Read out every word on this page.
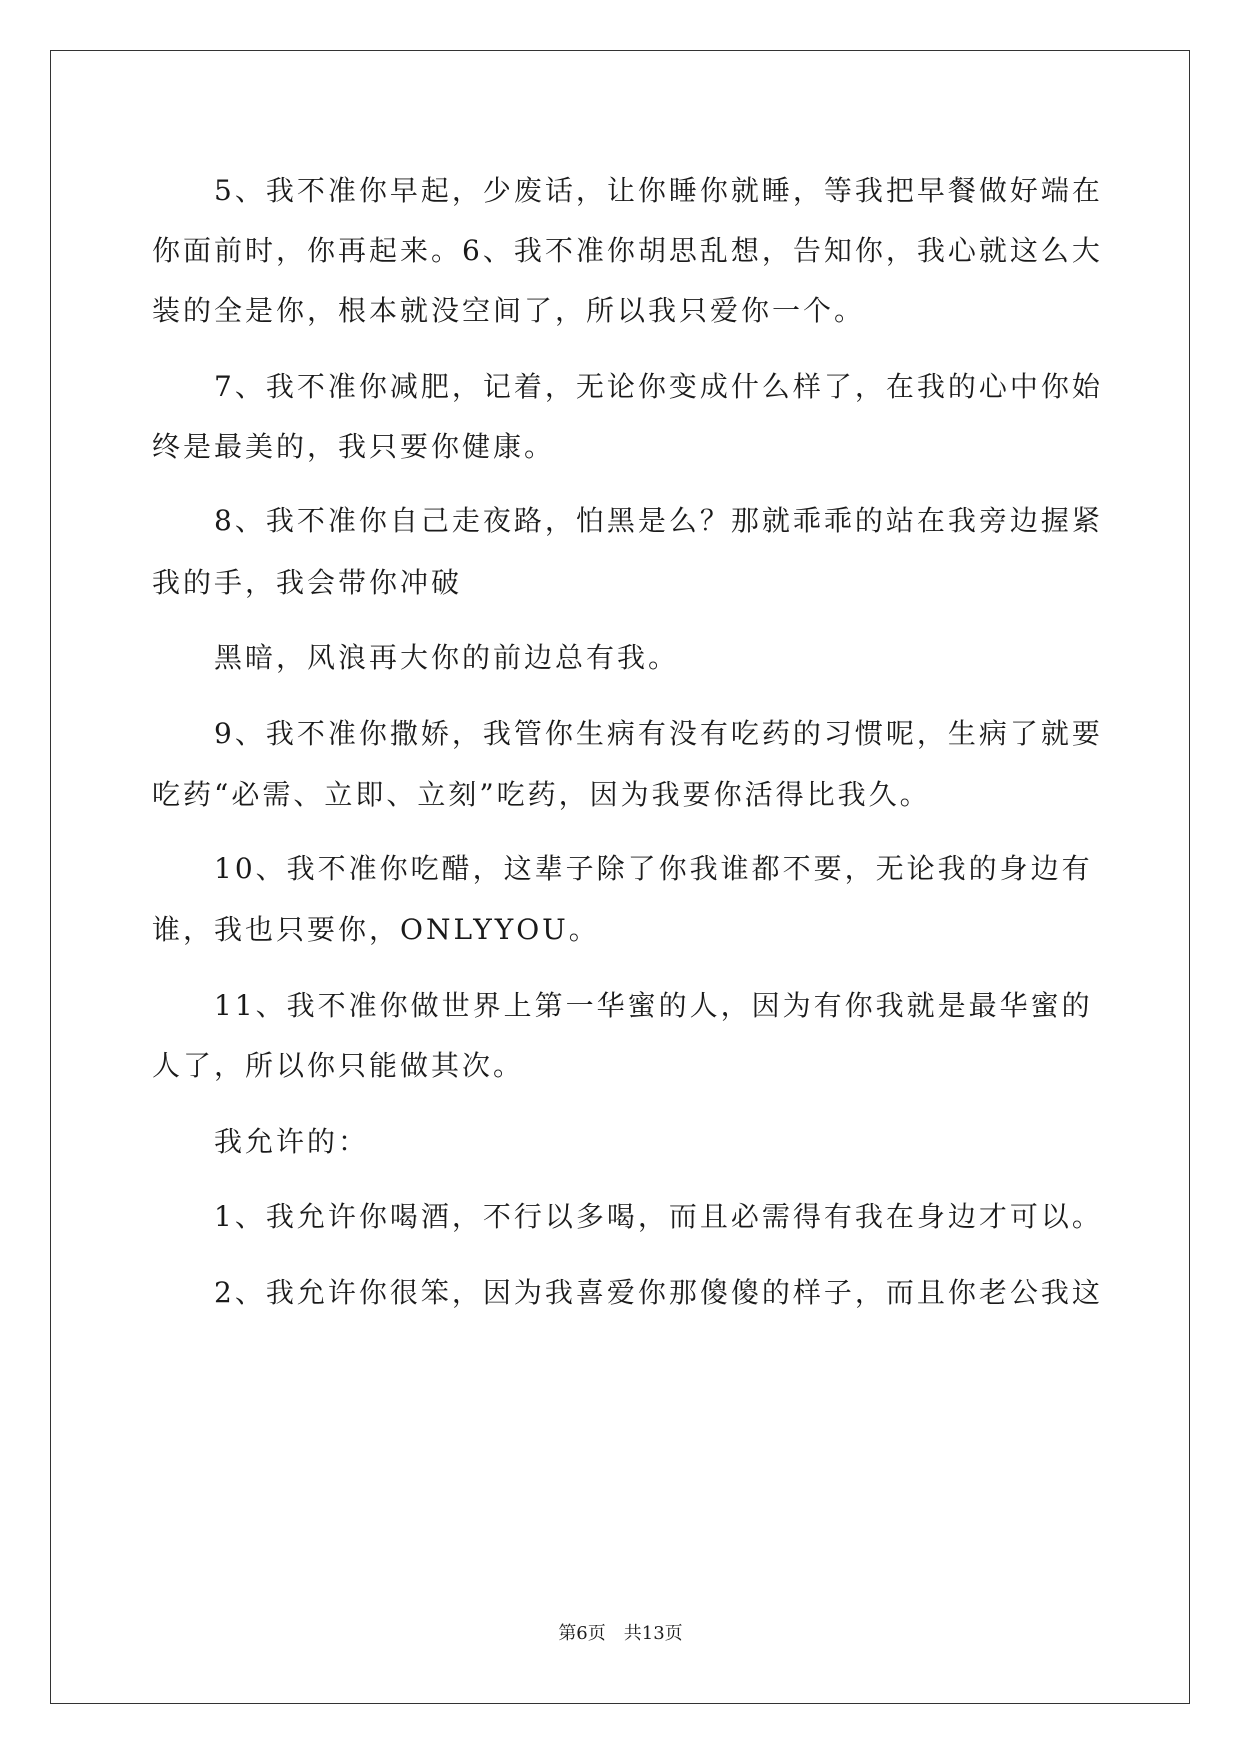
5、我不准你早起，少废话，让你睡你就睡，等我把早餐做好端在
你面前时，你再起来。6、我不准你胡思乱想，告知你，我心就这么大
装的全是你，根本就没空间了，所以我只爱你一个。
7、我不准你减肥，记着，无论你变成什么样了，在我的心中你始
终是最美的，我只要你健康。
8、我不准你自己走夜路，怕黑是么？那就乖乖的站在我旁边握紧
我的手，我会带你冲破
黑暗，风浪再大你的前边总有我。
9、我不准你撒娇，我管你生病有没有吃药的习惯呢，生病了就要
吃药“必需、立即、立刻”吃药，因为我要你活得比我久。
10、我不准你吃醋，这辈子除了你我谁都不要，无论我的身边有
谁，我也只要你，ONLYYOU。
11、我不准你做世界上第一华蜜的人，因为有你我就是最华蜜的
人了，所以你只能做其次。
我允许的：
1、我允许你喝酒，不行以多喝，而且必需得有我在身边才可以。
2、我允许你很笨，因为我喜爱你那傻傻的样子，而且你老公我这
第6页　共13页
